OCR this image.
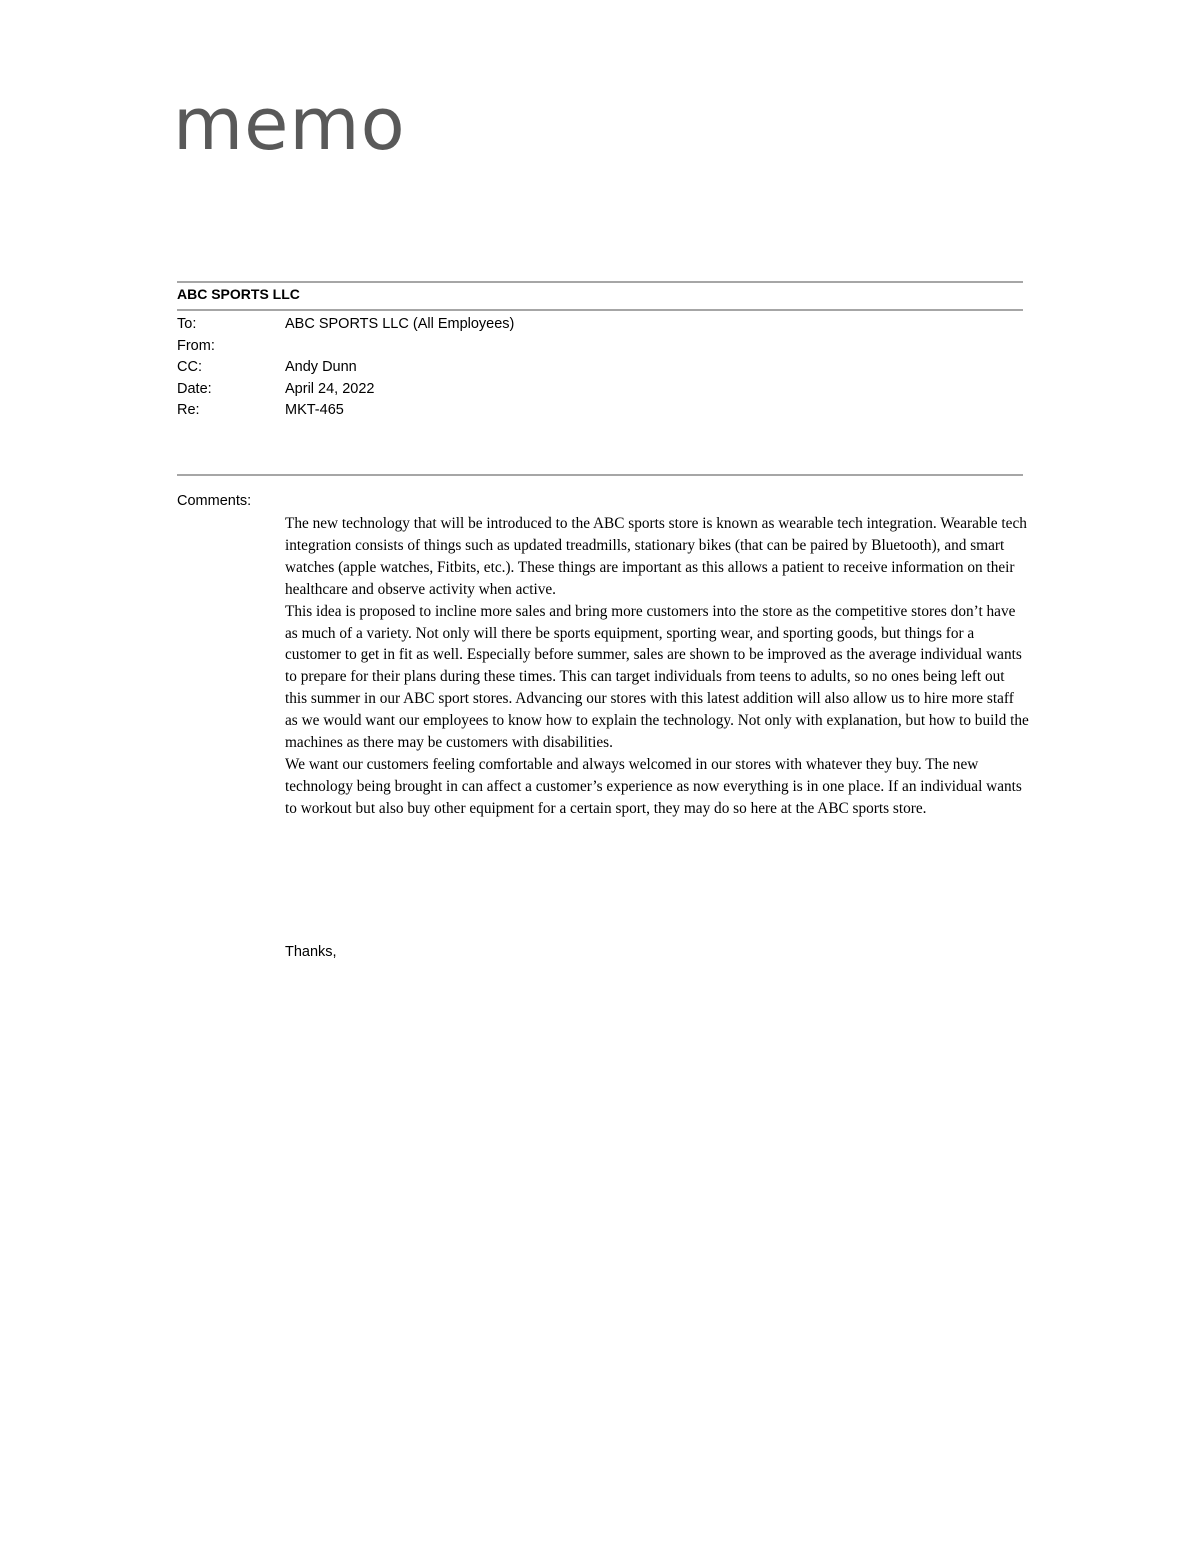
memo
ABC SPORTS LLC
To:	ABC SPORTS LLC (All Employees)
From:
CC:	Andy Dunn
Date:	April 24, 2022
Re:	MKT-465
Comments:

The new technology that will be introduced to the ABC sports store is known as wearable tech integration. Wearable tech integration consists of things such as updated treadmills, stationary bikes (that can be paired by Bluetooth), and smart watches (apple watches, Fitbits, etc.). These things are important as this allows a patient to receive information on their healthcare and observe activity when active.

This idea is proposed to incline more sales and bring more customers into the store as the competitive stores don’t have as much of a variety. Not only will there be sports equipment, sporting wear, and sporting goods, but things for a customer to get in fit as well. Especially before summer, sales are shown to be improved as the average individual wants to prepare for their plans during these times. This can target individuals from teens to adults, so no ones being left out this summer in our ABC sport stores. Advancing our stores with this latest addition will also allow us to hire more staff as we would want our employees to know how to explain the technology. Not only with explanation, but how to build the machines as there may be customers with disabilities.

We want our customers feeling comfortable and always welcomed in our stores with whatever they buy. The new technology being brought in can affect a customer’s experience as now everything is in one place. If an individual wants to workout but also buy other equipment for a certain sport, they may do so here at the ABC sports store.

Thanks,
